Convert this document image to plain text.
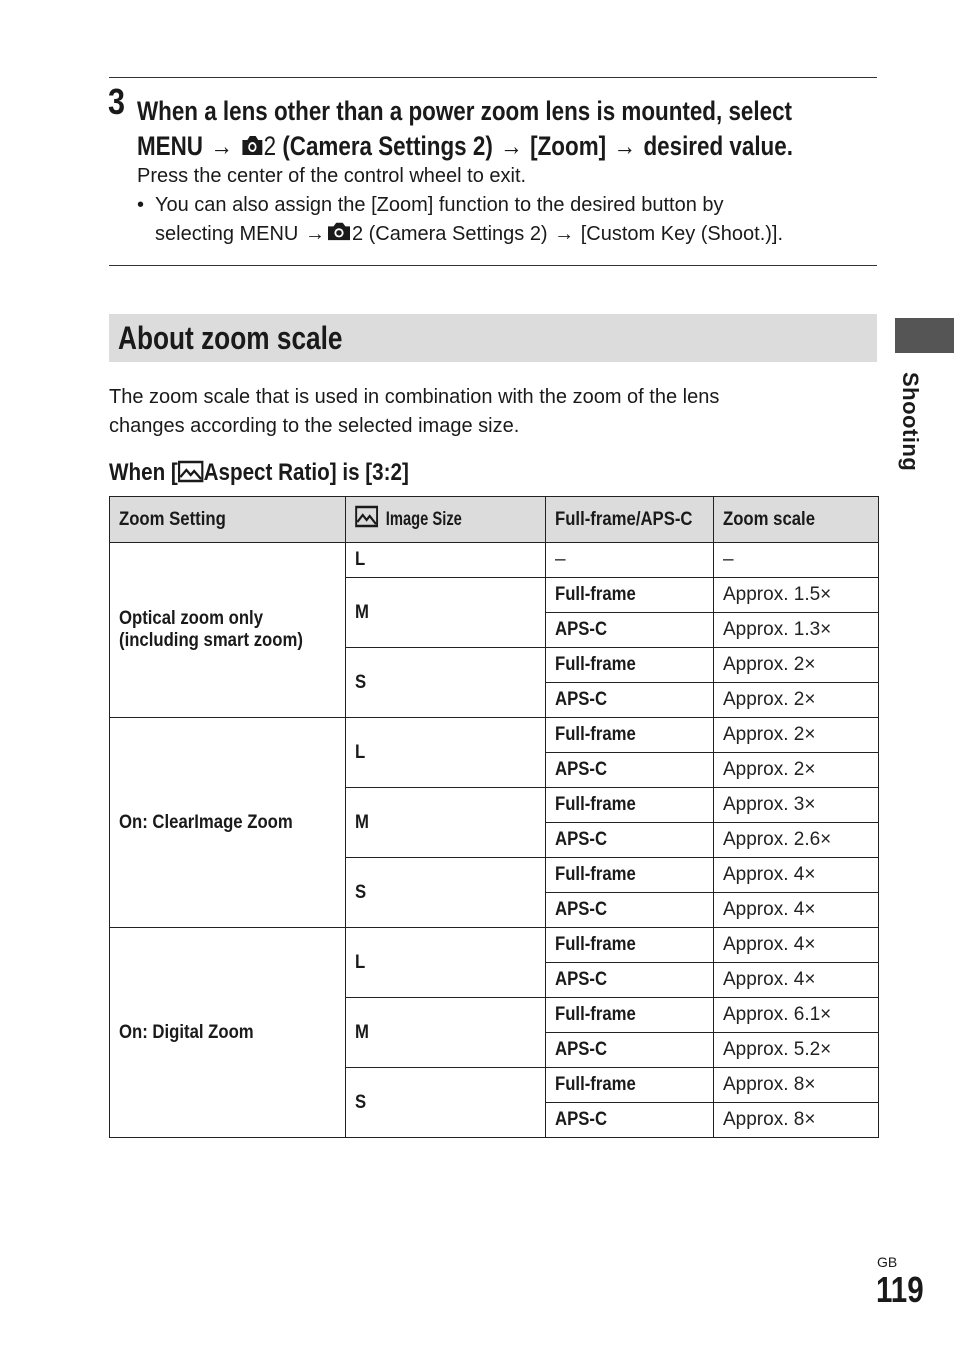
3 When a lens other than a power zoom lens is mounted, select
MENU → 2 (Camera Settings 2) → [Zoom] → desired value.
Press the center of the control wheel to exit.
• You can also assign the [Zoom] function to the desired button by
selecting MENU → 2 (Camera Settings 2) → [Custom Key (Shoot.)].
About zoom scale
Shooting
The zoom scale that is used in combination with the zoom of the lens
changes according to the selected image size.
When [ Aspect Ratio] is [3:2]
Zoom Setting	Image Size	Full-frame/APS-C	Zoom scale

Optical zoom only
(including smart zoom)	L	–	–
	M	Full-frame	Approx. 1.5×
		APS-C	Approx. 1.3×
	S	Full-frame	Approx. 2×
		APS-C	Approx. 2×
On: ClearImage Zoom	L	Full-frame	Approx. 2×
		APS-C	Approx. 2×
	M	Full-frame	Approx. 3×
		APS-C	Approx. 2.6×
	S	Full-frame	Approx. 4×
		APS-C	Approx. 4×
On: Digital Zoom	L	Full-frame	Approx. 4×
		APS-C	Approx. 4×
	M	Full-frame	Approx. 6.1×
		APS-C	Approx. 5.2×
	S	Full-frame	Approx. 8×
		APS-C	Approx. 8×
GB
119
